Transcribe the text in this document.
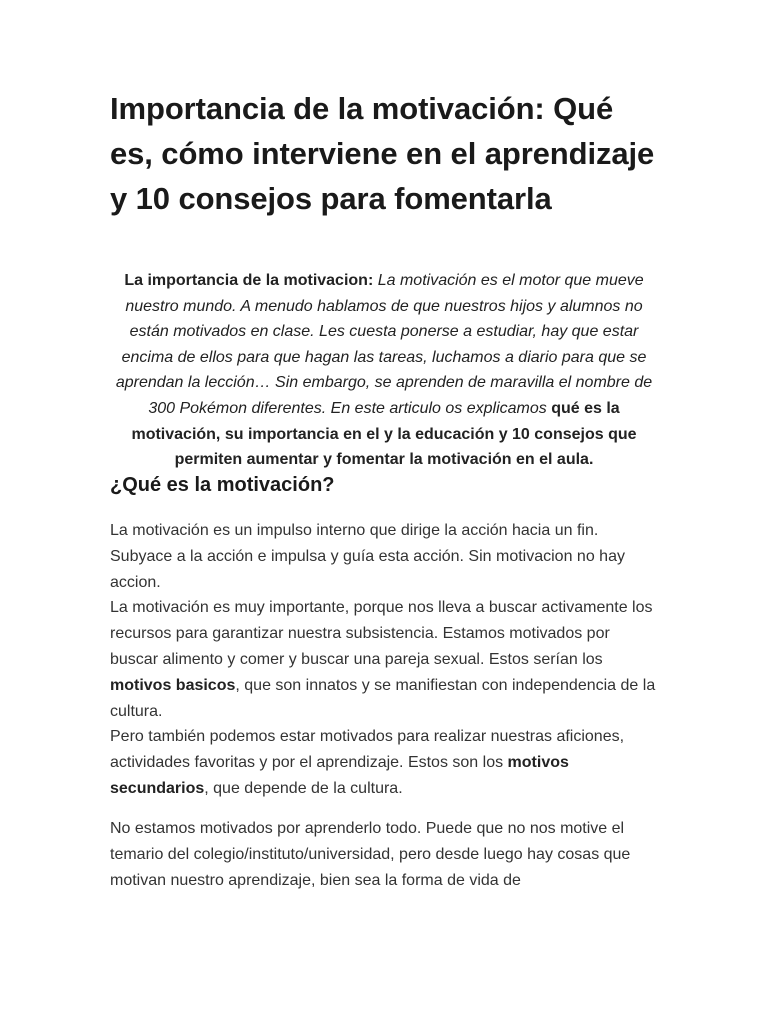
Importancia de la motivación: Qué es, cómo interviene en el aprendizaje y 10 consejos para fomentarla
La importancia de la motivacion: La motivación es el motor que mueve nuestro mundo. A menudo hablamos de que nuestros hijos y alumnos no están motivados en clase. Les cuesta ponerse a estudiar, hay que estar encima de ellos para que hagan las tareas, luchamos a diario para que se aprendan la lección… Sin embargo, se aprenden de maravilla el nombre de 300 Pokémon diferentes. En este articulo os explicamos qué es la motivación, su importancia en el y la educación y 10 consejos que permiten aumentar y fomentar la motivación en el aula.
¿Qué es la motivación?

La motivación es un impulso interno que dirige la acción hacia un fin. Subyace a la acción e impulsa y guía esta acción. Sin motivacion no hay accion.

La motivación es muy importante, porque nos lleva a buscar activamente los recursos para garantizar nuestra subsistencia. Estamos motivados por buscar alimento y comer y buscar una pareja sexual. Estos serían los motivos basicos, que son innatos y se manifiestan con independencia de la cultura.

Pero también podemos estar motivados para realizar nuestras aficiones, actividades favoritas y por el aprendizaje. Estos son los motivos secundarios, que depende de la cultura.

No estamos motivados por aprenderlo todo. Puede que no nos motive el temario del colegio/instituto/universidad, pero desde luego hay cosas que motivan nuestro aprendizaje, bien sea la forma de vida de
